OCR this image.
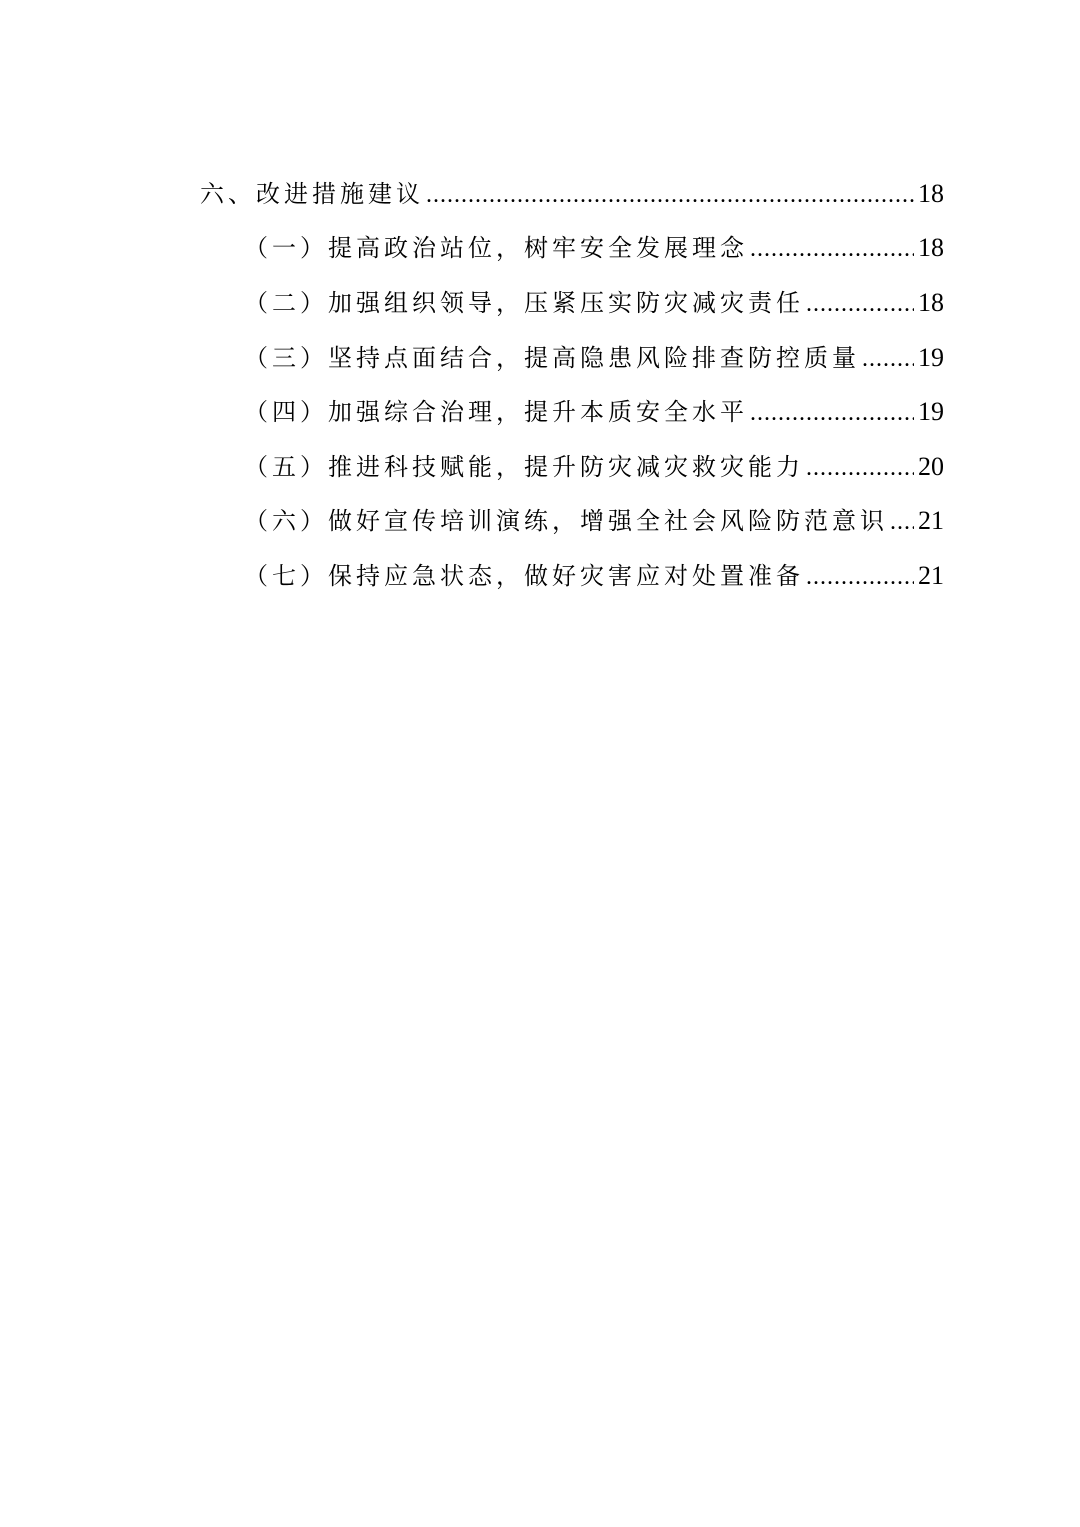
六、改进措施建议 .....	18
（一）提高政治站位，树牢安全发展理念 .....	18
（二）加强组织领导，压紧压实防灾减灾责任 .....	18
（三）坚持点面结合，提高隐患风险排查防控质量 ..... 19
（四）加强综合治理，提升本质安全水平 .....	19
（五）推进科技赋能，提升防灾减灾救灾能力 .....	20
（六）做好宣传培训演练，增强全社会风险防范意识 ..... 21
（七）保持应急状态，做好灾害应对处置准备 .....	21
